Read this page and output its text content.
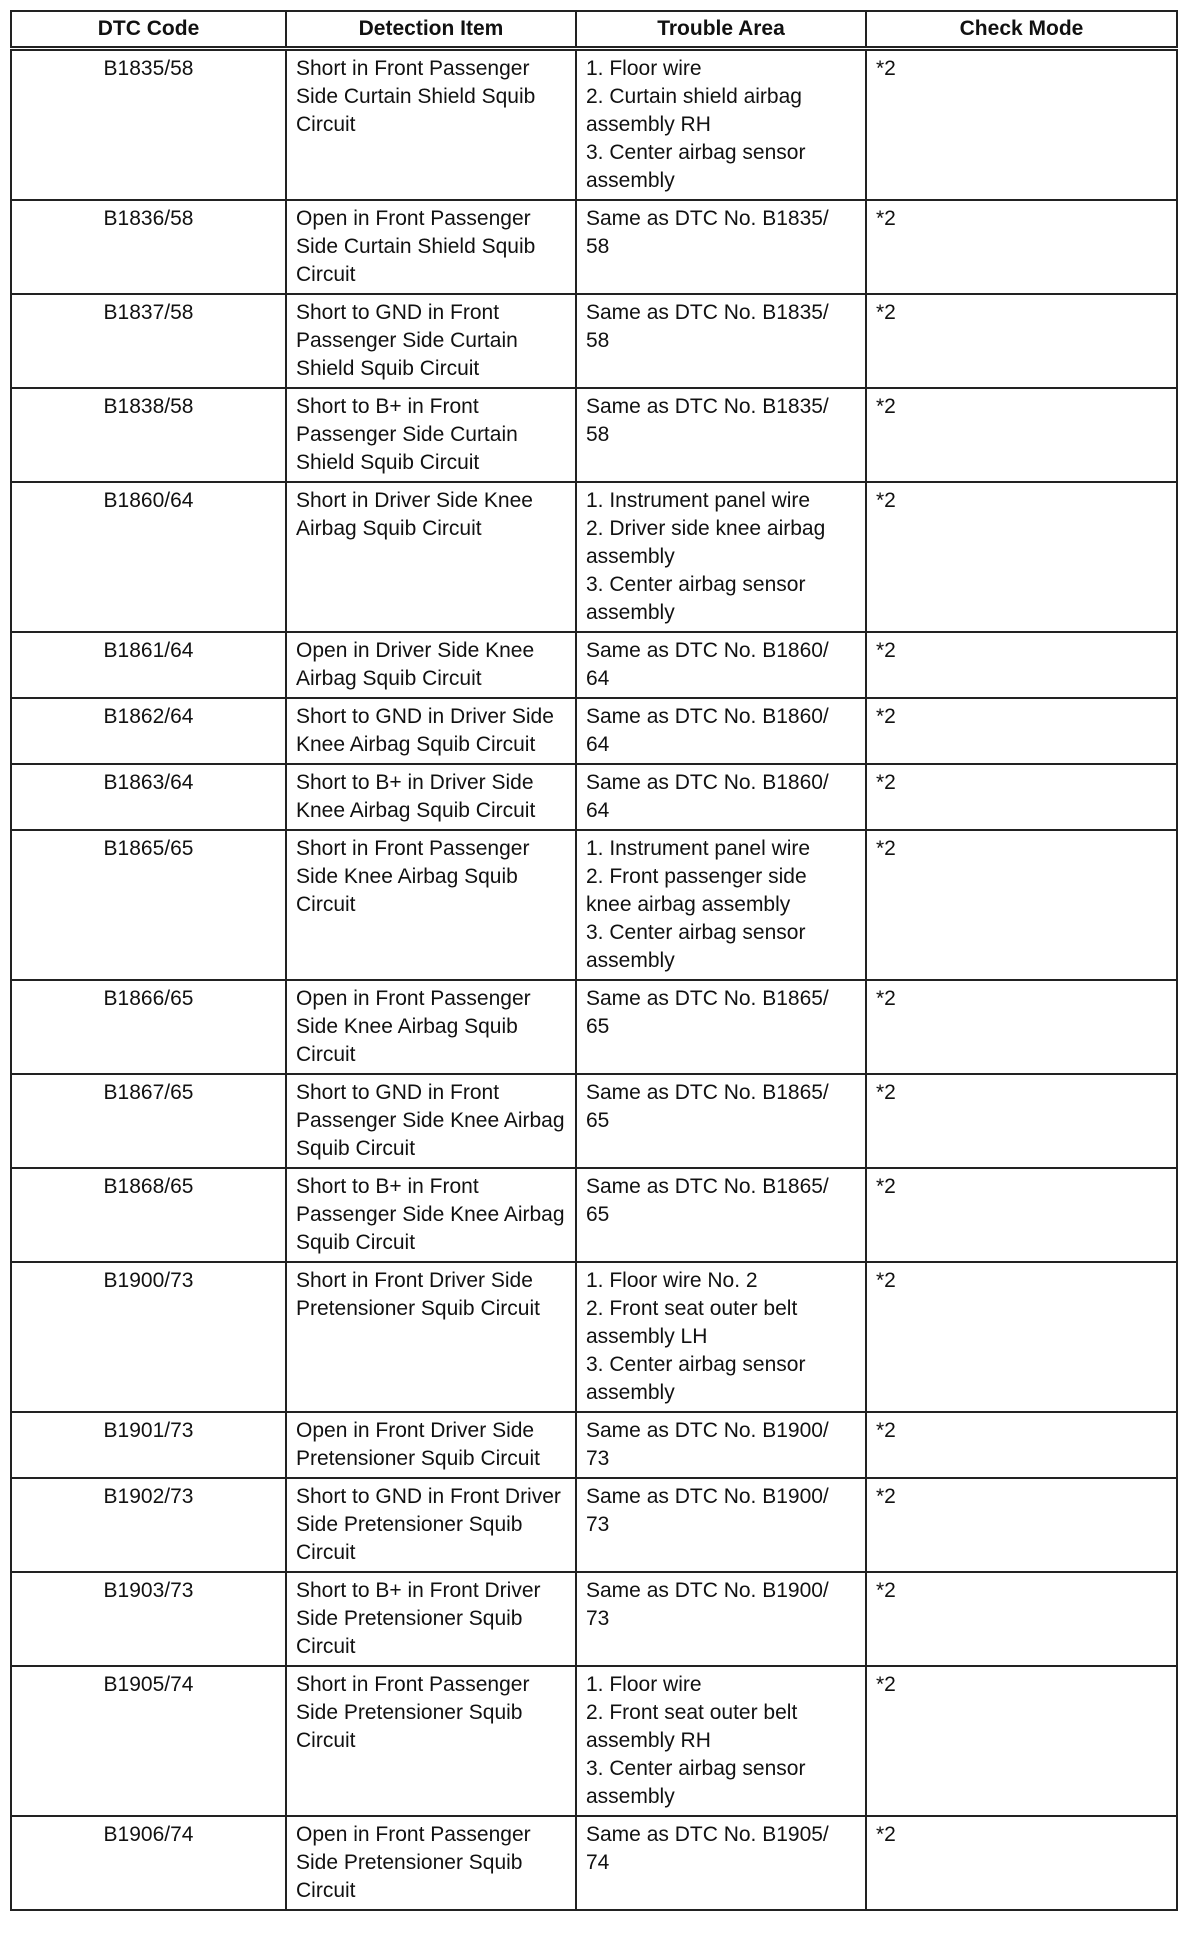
DTC Code	Detection Item	Trouble Area	Check Mode
B1835/58	Short in Front Passenger Side Curtain Shield Squib Circuit	1. Floor wire
2. Curtain shield airbag assembly RH
3. Center airbag sensor assembly	*2
B1836/58	Open in Front Passenger Side Curtain Shield Squib Circuit	Same as DTC No. B1835/ 58	*2
B1837/58	Short to GND in Front Passenger Side Curtain Shield Squib Circuit	Same as DTC No. B1835/ 58	*2
B1838/58	Short to B+ in Front Passenger Side Curtain Shield Squib Circuit	Same as DTC No. B1835/ 58	*2
B1860/64	Short in Driver Side Knee Airbag Squib Circuit	1. Instrument panel wire
2. Driver side knee airbag assembly
3. Center airbag sensor assembly	*2
B1861/64	Open in Driver Side Knee Airbag Squib Circuit	Same as DTC No. B1860/ 64	*2
B1862/64	Short to GND in Driver Side Knee Airbag Squib Circuit	Same as DTC No. B1860/ 64	*2
B1863/64	Short to B+ in Driver Side Knee Airbag Squib Circuit	Same as DTC No. B1860/ 64	*2
B1865/65	Short in Front Passenger Side Knee Airbag Squib Circuit	1. Instrument panel wire
2. Front passenger side knee airbag assembly
3. Center airbag sensor assembly	*2
B1866/65	Open in Front Passenger Side Knee Airbag Squib Circuit	Same as DTC No. B1865/ 65	*2
B1867/65	Short to GND in Front Passenger Side Knee Airbag Squib Circuit	Same as DTC No. B1865/ 65	*2
B1868/65	Short to B+ in Front Passenger Side Knee Airbag Squib Circuit	Same as DTC No. B1865/ 65	*2
B1900/73	Short in Front Driver Side Pretensioner Squib Circuit	1. Floor wire No. 2
2. Front seat outer belt assembly LH
3. Center airbag sensor assembly	*2
B1901/73	Open in Front Driver Side Pretensioner Squib Circuit	Same as DTC No. B1900/ 73	*2
B1902/73	Short to GND in Front Driver Side Pretensioner Squib Circuit	Same as DTC No. B1900/ 73	*2
B1903/73	Short to B+ in Front Driver Side Pretensioner Squib Circuit	Same as DTC No. B1900/ 73	*2
B1905/74	Short in Front Passenger Side Pretensioner Squib Circuit	1. Floor wire
2. Front seat outer belt assembly RH
3. Center airbag sensor assembly	*2
B1906/74	Open in Front Passenger Side Pretensioner Squib Circuit	Same as DTC No. B1905/ 74	*2
